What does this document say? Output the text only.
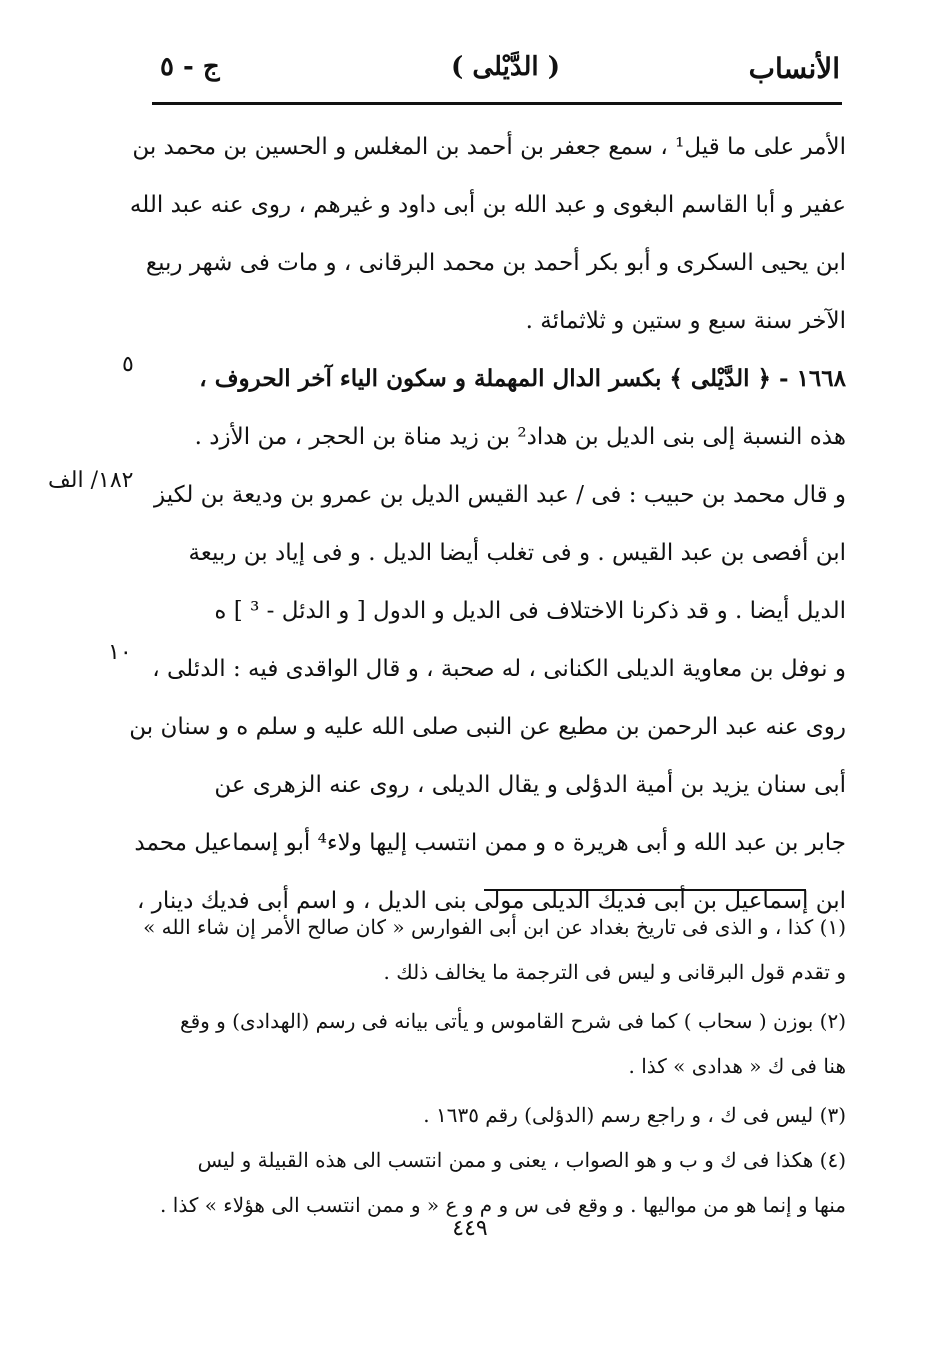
الأنساب
( الدَّيْلى )
ج - ٥
الأمر على ما قيل¹ ، سمع جعفر بن أحمد بن المغلس و الحسين بن محمد بن
عفير و أبا القاسم البغوى و عبد الله بن أبى داود و غيرهم ، روى عنه عبد الله
ابن يحيى السكرى و أبو بكر أحمد بن محمد البرقانى ، و مات فى شهر ربيع
الآخر سنة سبع و ستين و ثلاثمائة .
١٦٦٨ - ﴿ الدَّيْلى ﴾ بكسر الدال المهملة و سكون الياء آخر الحروف ،
هذه النسبة إلى بنى الديل بن هداد² بن زيد مناة بن الحجر ، من الأزد .
و قال محمد بن حبيب : فى / عبد القيس الديل بن عمرو بن وديعة بن لكيز
ابن أفصى بن عبد القيس . و فى تغلب أيضا الديل . و فى إياد بن ربيعة
الديل أيضا . و قد ذكرنا الاختلاف فى الديل و الدول [ و الدئل - ³ ] ه
و نوفل بن معاوية الديلى الكنانى ، له صحبة ، و قال الواقدى فيه : الدئلى ،
روى عنه عبد الرحمن بن مطيع عن النبى صلى الله عليه و سلم ه و سنان بن
أبى سنان يزيد بن أمية الدؤلى و يقال الديلى ، روى عنه الزهرى عن
جابر بن عبد الله و أبى هريرة ه و ممن انتسب إليها ولاء⁴ أبو إسماعيل محمد
ابن إسماعيل بن أبى فديك الديلى مولى بنى الديل ، و اسم أبى فديك دينار ،
٥
١٨٢/ الف
١٠
(١) كذا ، و الذى فى تاريخ بغداد عن ابن أبى الفوارس « كان صالح الأمر إن شاء الله »
و تقدم قول البرقانى و ليس فى الترجمة ما يخالف ذلك .
(٢) بوزن ( سحاب ) كما فى شرح القاموس و يأتى بيانه فى رسم (الهدادى) و وقع
هنا فى ك « هدادى » كذا .
(٣) ليس فى ك ، و راجع رسم (الدؤلى) رقم ١٦٣٥ .
(٤) هكذا فى ك و ب و هو الصواب ، يعنى و ممن انتسب الى هذه القبيلة و ليس
منها و إنما هو من مواليها . و وقع فى س و م و ع « و ممن انتسب الى هؤلاء » كذا .
٤٤٩
